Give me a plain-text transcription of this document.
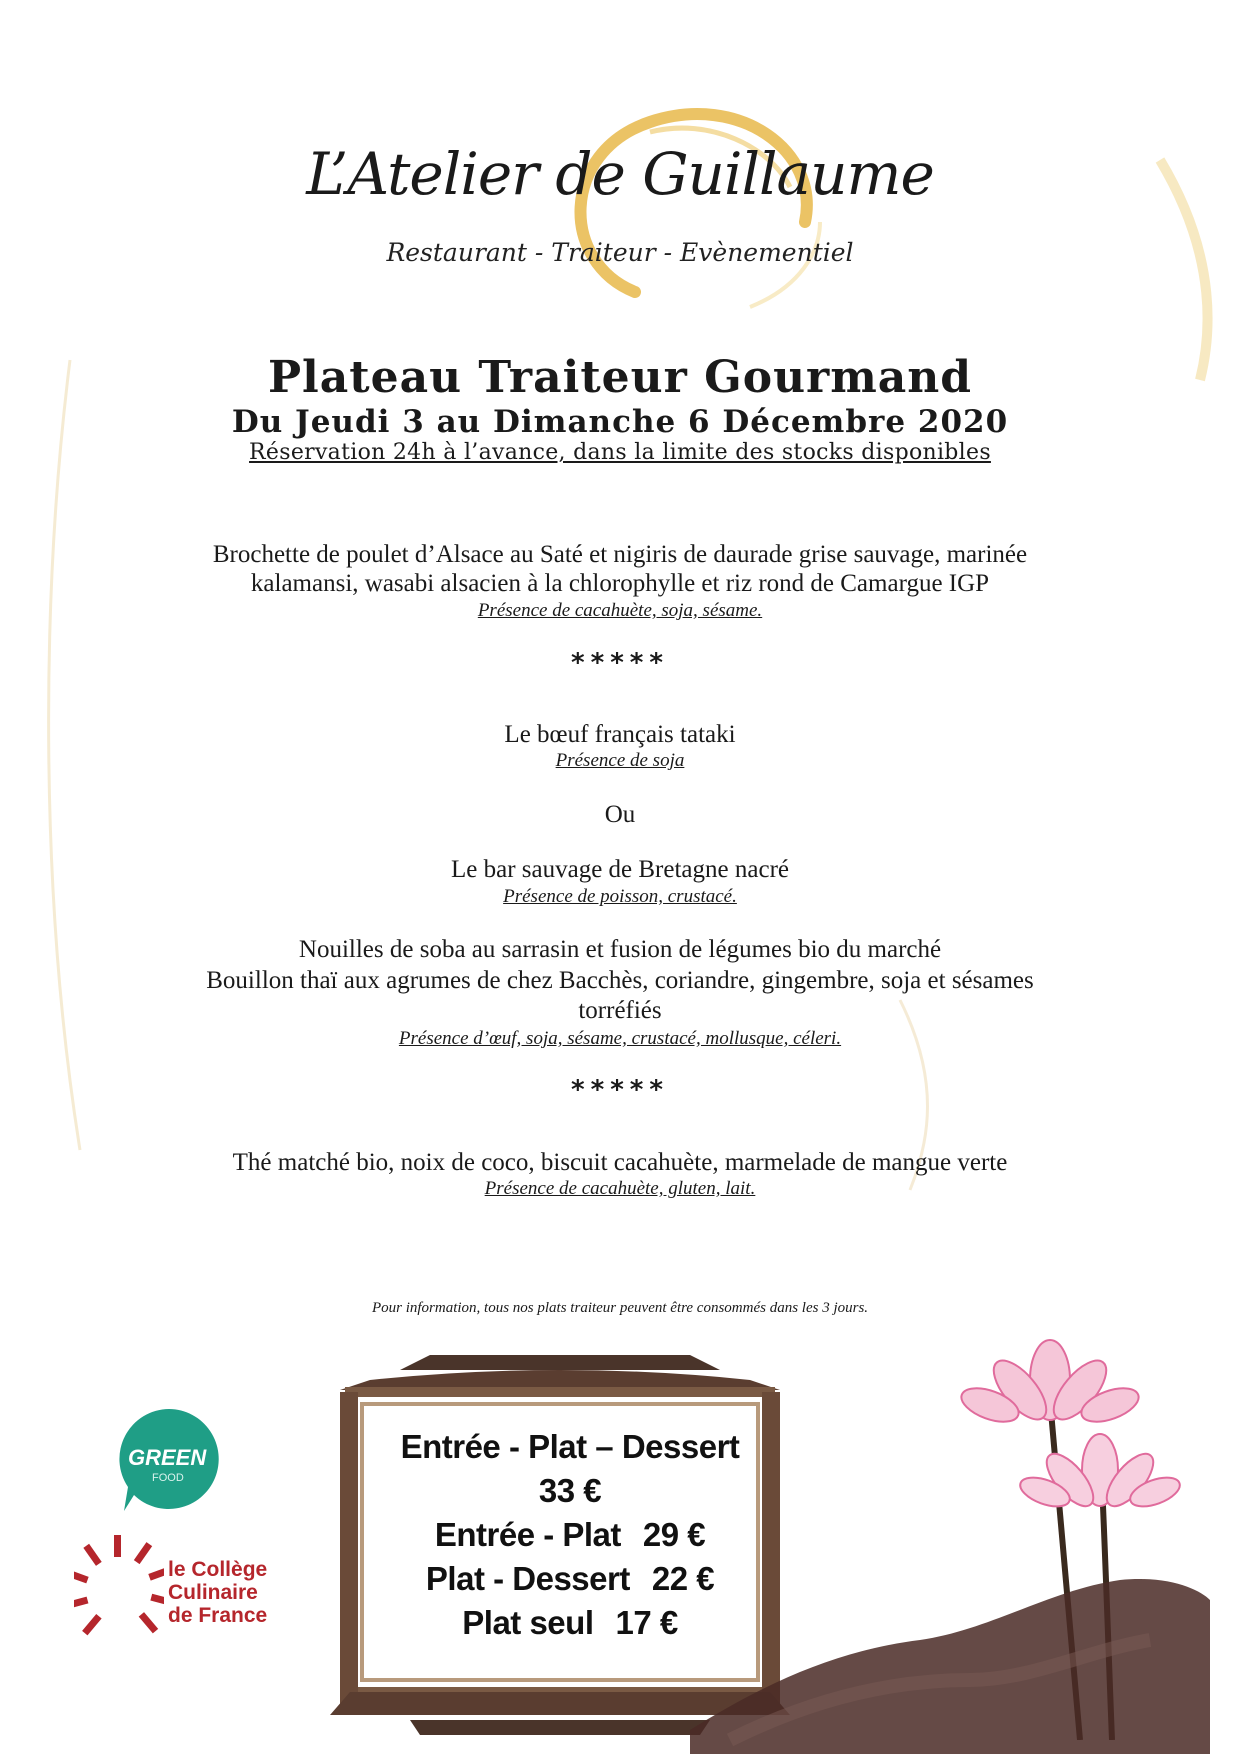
L’Atelier de Guillaume
Restaurant - Traiteur - Evènementiel
Plateau Traiteur Gourmand
Du Jeudi 3 au Dimanche 6 Décembre 2020
Réservation 24h à l’avance, dans la limite des stocks disponibles
Brochette de poulet d’Alsace au Saté et nigiris de daurade grise sauvage, marinée
kalamansi, wasabi alsacien à la chlorophylle et riz rond de Camargue IGP
Présence de cacahuète, soja, sésame.
*****
Le bœuf français tataki
Présence de soja
Ou
Le bar sauvage de Bretagne nacré
Présence de poisson, crustacé.
Nouilles de soba au sarrasin et fusion de légumes bio du marché
Bouillon thaï aux agrumes de chez Bacchès, coriandre, gingembre, soja et sésames
torréfiés
Présence d’œuf, soja, sésame, crustacé, mollusque, céleri.
*****
Thé matché bio, noix de coco, biscuit cacahuète, marmelade de mangue verte
Présence de cacahuète, gluten, lait.
Pour information, tous nos plats traiteur peuvent être consommés dans les 3 jours.
Entrée - Plat – Dessert
33 €
Entrée - Plat 29 €
Plat - Dessert 22 €
Plat seul 17 €
GREEN
FOOD
le Collège
Culinaire
de France
